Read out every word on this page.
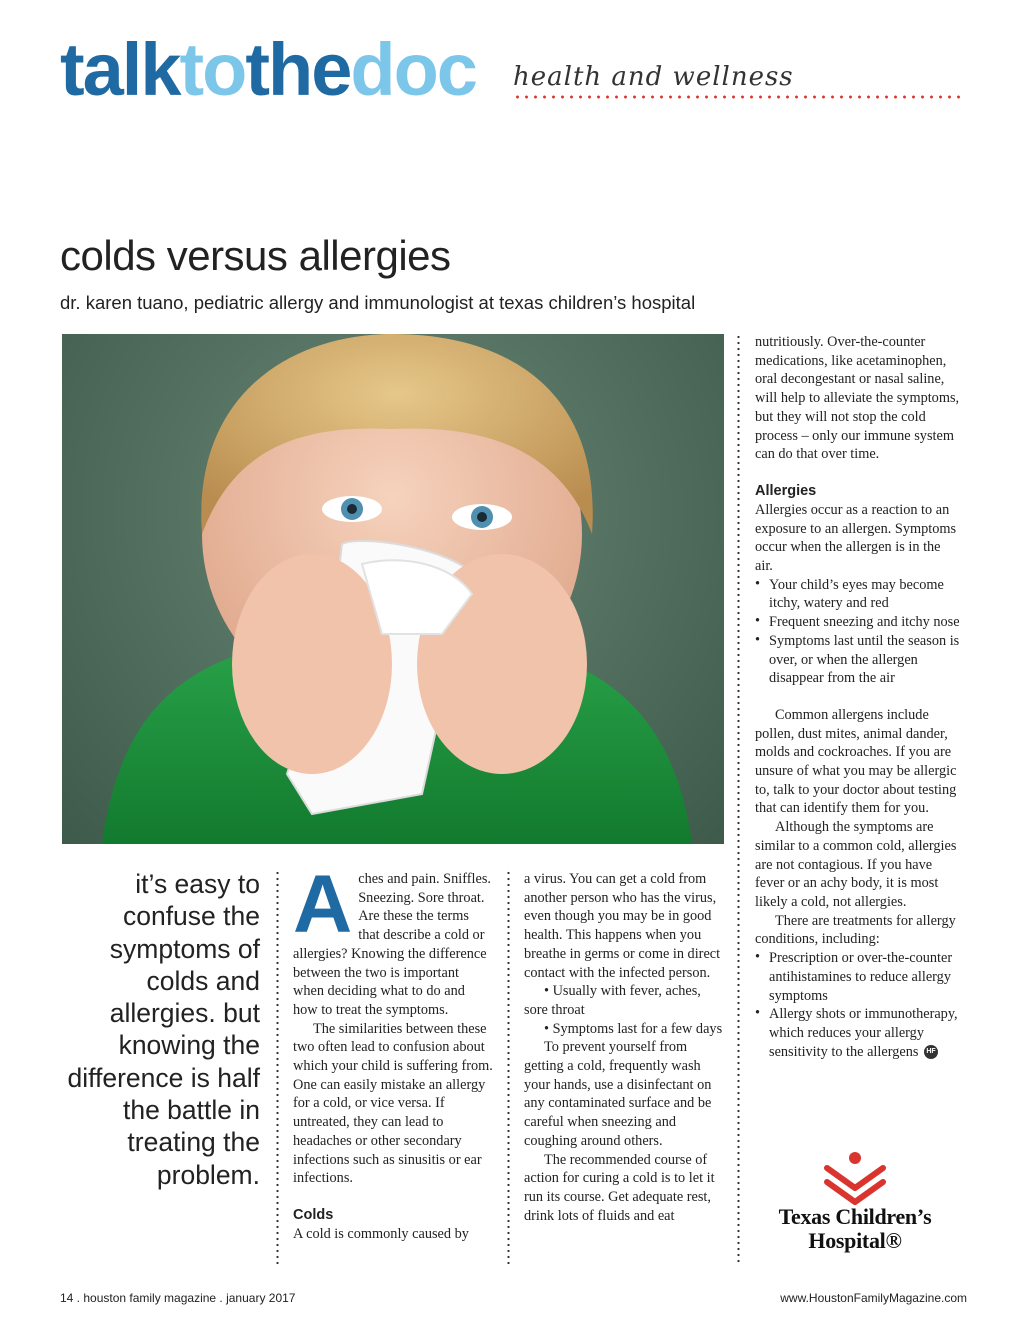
talktothedoc health and wellness
colds versus allergies
dr. karen tuano, pediatric allergy and immunologist at texas children’s hospital
it’s easy to confuse the symptoms of colds and allergies. but knowing the difference is half the battle in treating the problem.
A ches and pain. Sniffles. Sneezing. Sore throat. Are these the terms that describe a cold or allergies? Knowing the difference between the two is important when deciding what to do and how to treat the symptoms.

The similarities between these two often lead to confusion about which your child is suffering from. One can easily mistake an allergy for a cold, or vice versa. If untreated, they can lead to headaches or other secondary infections such as sinusitis or ear infections.

Colds

A cold is commonly caused by

a virus. You can get a cold from another person who has the virus, even though you may be in good health. This happens when you breathe in germs or come in direct contact with the infected person.

• Usually with fever, aches, sore throat

• Symptoms last for a few days

To prevent yourself from getting a cold, frequently wash your hands, use a disinfectant on any contaminated surface and be careful when sneezing and coughing around others.

The recommended course of action for curing a cold is to let it run its course. Get adequate rest, drink lots of fluids and eat

nutritiously. Over-the-counter medications, like acetaminophen, oral decongestant or nasal saline, will help to alleviate the symptoms, but they will not stop the cold process – only our immune system can do that over time.

Allergies

Allergies occur as a reaction to an exposure to an allergen. Symptoms occur when the allergen is in the air.

• Your child’s eyes may become itchy, watery and red
• Frequent sneezing and itchy nose
• Symptoms last until the season is over, or when the allergen disappear from the air

Common allergens include pollen, dust mites, animal dander, molds and cockroaches. If you are unsure of what you may be allergic to, talk to your doctor about testing that can identify them for you.

Although the symptoms are similar to a common cold, allergies are not contagious. If you have fever or an achy body, it is most likely a cold, not allergies.

There are treatments for allergy conditions, including:

• Prescription or over-the-counter antihistamines to reduce allergy symptoms
• Allergy shots or immunotherapy, which reduces your allergy sensitivity to the allergens HF
Texas Children’s
Hospital®
14 . houston family magazine . january 2017	www.HoustonFamilyMagazine.com
